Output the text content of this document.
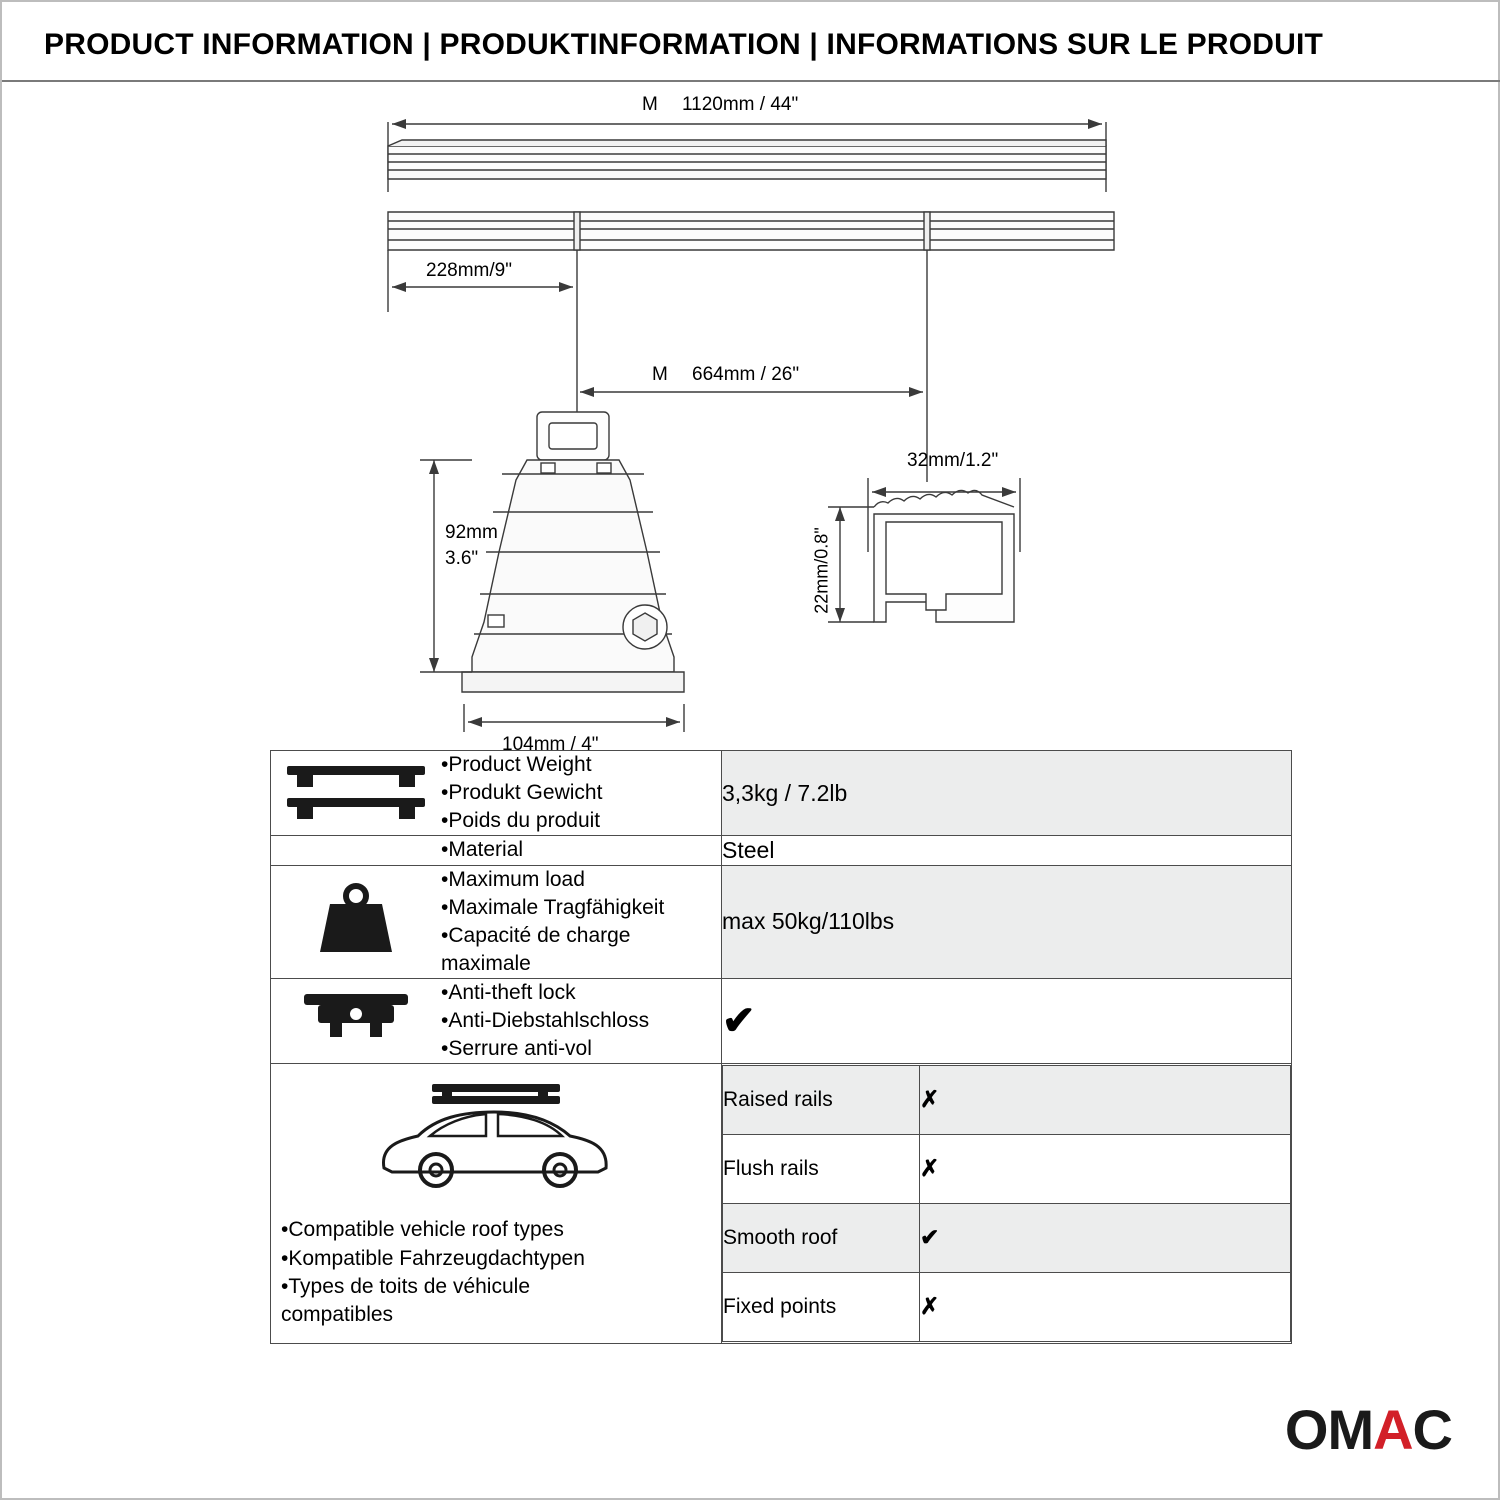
PRODUCT INFORMATION | PRODUKTINFORMATION | INFORMATIONS SUR LE PRODUIT
M 1120mm / 44"
228mm/9"
M 664mm / 26"
92mm
3.6"
104mm / 4"
32mm/1.2"
22mm/0.8"
•Product Weight
•Produkt Gewicht
•Poids du produit
	3,3kg / 7.2lb

•Material	Steel

•Maximum load
•Maximale Tragfähigkeit
•Capacité de charge maximale
	max 50kg/110lbs

•Anti-theft lock
•Anti-Diebstahlschloss
•Serrure anti-vol
	✔

•Compatible vehicle roof types
•Kompatible Fahrzeugdachtypen
•Types de toits de véhicule
compatibles

Raised rails	✗
Flush rails	✗
Smooth roof	✔
Fixed points	✗
OMAC
